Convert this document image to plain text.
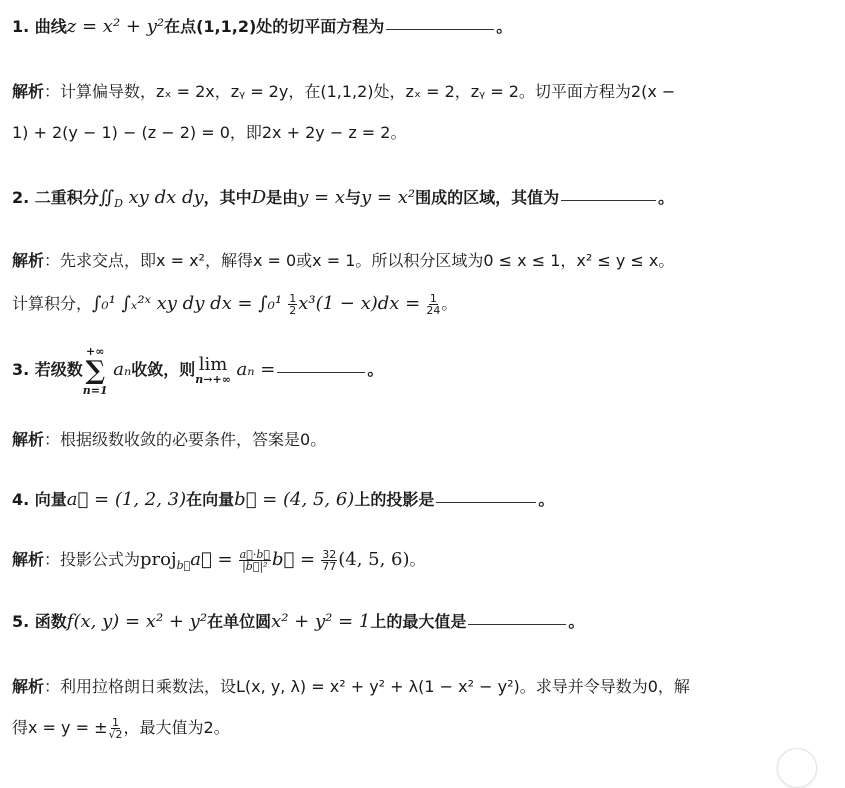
1. 曲线z = x² + y²在点(1,1,2)处的切平面方程为	。
解析：计算偏导数，zₓ = 2x，zᵧ = 2y，在(1,1,2)处，zₓ = 2，zᵧ = 2。切平面方程为2(x −
1) + 2(y − 1) − (z − 2) = 0，即2x + 2y − z = 2。
2. 二重积分$∬_D$ xy dx dy，其中D是由y = x与y = x²围成的区域，其值为	。
解析：先求交点，即x = x²，解得x = 0或x = 1。所以积分区域为0 ≤ x ≤ 1，x² ≤ y ≤ x。
计算积分，∫₀¹ ∫ₓ²ˣ xy dy dx = $\int_0^1 \frac{1}{2} x^3(1 - x)dx = \frac{1}{24}$ 。
3. 若级数
+∞
∑
n=1
aₙ收敛，则 lim
n→+∞ aₙ =	。
解析：根据级数收敛的必要条件，答案是0。
4. 向量a⃗ = (1, 2, 3)在向量b⃗ = (4, 5, 6)上的投影是	。
解析：投影公式为proj$_{b⃗}$a⃗ = $\frac{a⃗\cdot b⃗}{\text{|b⃗|²}}$ b⃗ = $\frac{32}{77} (4$, 5, 6)。
5. 函数f(x, y) = x² + y²在单位圆x² + y² = 1上的最大值是	。
解析：利用拉格朗日乘数法，设L(x, y, λ) = x² + y² + λ(1 − x² − y²)。求导并令导数为0，解
得x = y = ± $\frac{1}{√2}$ ，最大值为2。
